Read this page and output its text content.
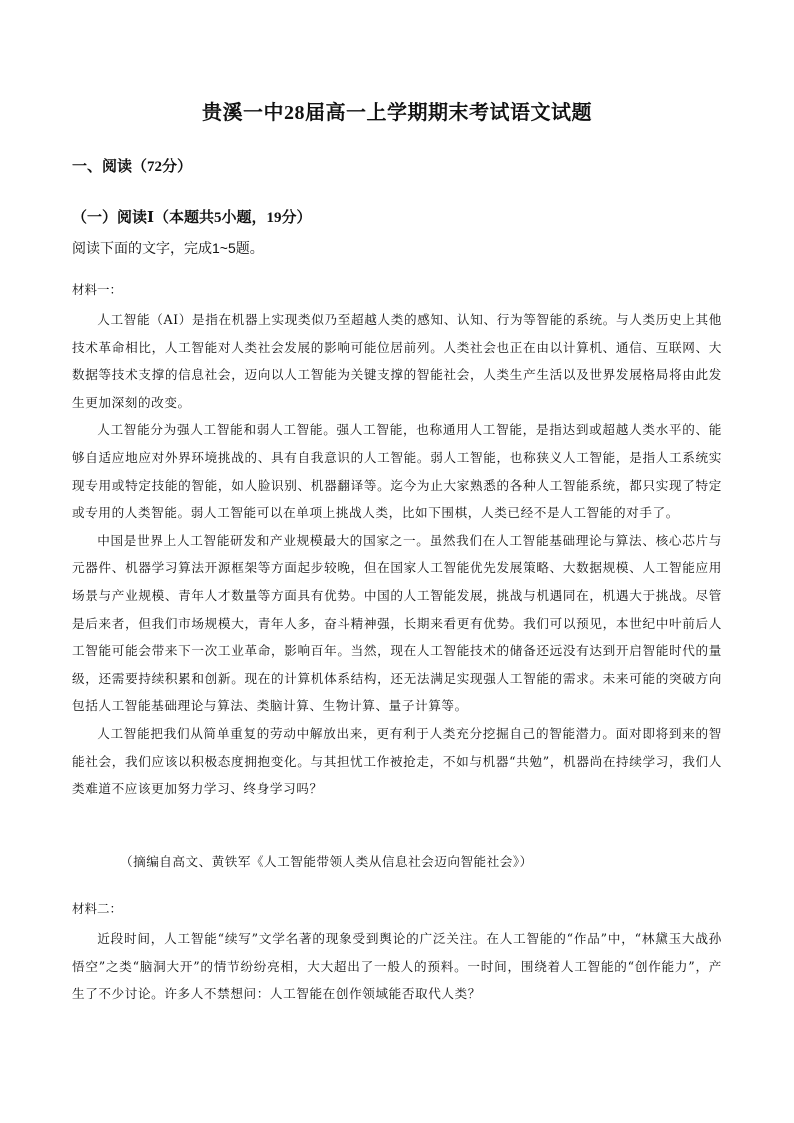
贵溪一中28届高一上学期期末考试语文试题
一、阅读（72分）
（一）阅读Ⅰ（本题共5小题，19分）
阅读下面的文字，完成1~5题。
材料一：

人工智能（AI）是指在机器上实现类似乃至超越人类的感知、认知、行为等智能的系统。与人类历史上其他技术革命相比，人工智能对人类社会发展的影响可能位居前列。人类社会也正在由以计算机、通信、互联网、大数据等技术支撑的信息社会，迈向以人工智能为关键支撑的智能社会，人类生产生活以及世界发展格局将由此发生更加深刻的改变。

人工智能分为强人工智能和弱人工智能。强人工智能，也称通用人工智能，是指达到或超越人类水平的、能够自适应地应对外界环境挑战的、具有自我意识的人工智能。弱人工智能，也称狭义人工智能，是指人工系统实现专用或特定技能的智能，如人脸识别、机器翻译等。迄今为止大家熟悉的各种人工智能系统，都只实现了特定或专用的人类智能。弱人工智能可以在单项上挑战人类，比如下围棋，人类已经不是人工智能的对手了。

中国是世界上人工智能研发和产业规模最大的国家之一。虽然我们在人工智能基础理论与算法、核心芯片与元器件、机器学习算法开源框架等方面起步较晚，但在国家人工智能优先发展策略、大数据规模、人工智能应用场景与产业规模、青年人才数量等方面具有优势。中国的人工智能发展，挑战与机遇同在，机遇大于挑战。尽管是后来者，但我们市场规模大，青年人多，奋斗精神强，长期来看更有优势。我们可以预见，本世纪中叶前后人工智能可能会带来下一次工业革命，影响百年。当然，现在人工智能技术的储备还远没有达到开启智能时代的量级，还需要持续积累和创新。现在的计算机体系结构，还无法满足实现强人工智能的需求。未来可能的突破方向包括人工智能基础理论与算法、类脑计算、生物计算、量子计算等。

人工智能把我们从简单重复的劳动中解放出来，更有利于人类充分挖掘自己的智能潜力。面对即将到来的智能社会，我们应该以积极态度拥抱变化。与其担忧工作被抢走，不如与机器“共勉”，机器尚在持续学习，我们人类难道不应该更加努力学习、终身学习吗？

（摘编自高文、黄铁军《人工智能带领人类从信息社会迈向智能社会》）
材料二：

近段时间，人工智能“续写”文学名著的现象受到舆论的广泛关注。在人工智能的“作品”中，“林黛玉大战孙悟空”之类“脑洞大开”的情节纷纷亮相，大大超出了一般人的预料。一时间，围绕着人工智能的“创作能力”，产生了不少讨论。许多人不禁想问：人工智能在创作领域能否取代人类？
